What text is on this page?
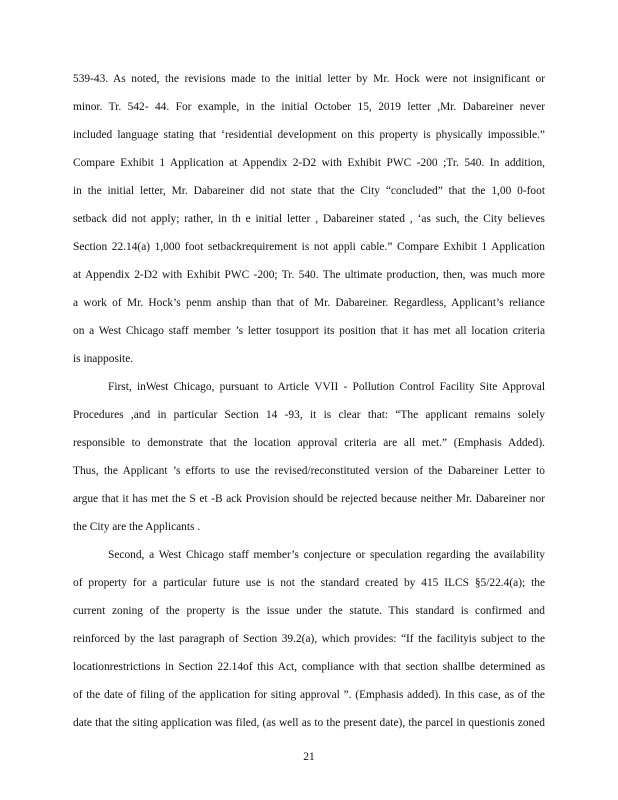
539-43. As noted, the revisions made to the initial letter by Mr. Hock were not insignificant or
minor. Tr. 542- 44. For example, in the initial October 15, 2019 letter ,Mr. Dabareiner never
included language stating that ‘residential development on this property is physically impossible.”
Compare Exhibit 1 Application at Appendix 2-D2 with Exhibit PWC -200 ;Tr. 540. In addition,
in the initial letter, Mr. Dabareiner did not state that the City “concluded” that the 1,00 0-foot
setback did not apply; rather, in th e initial letter , Dabareiner stated , ‘as such, the City believes
Section 22.14(a) 1,000 foot setbackrequirement is not appli cable.” Compare Exhibit 1 Application
at Appendix 2-D2 with Exhibit PWC -200; Tr. 540. The ultimate production, then, was much more
a work of Mr. Hock’s penm anship than that of Mr. Dabareiner. Regardless, Applicant’s reliance
on a West Chicago staff member ’s letter tosupport its position that it has met all location criteria
is inapposite.
First, inWest Chicago, pursuant to Article VVII - Pollution Control Facility Site Approval
Procedures ,and in particular Section 14 -93, it is clear that: “The applicant remains solely
responsible to demonstrate that the location approval criteria are all met.” (Emphasis Added).
Thus, the Applicant ’s efforts to use the revised/reconstituted version of the Dabareiner Letter to
argue that it has met the S et -B ack Provision should be rejected because neither Mr. Dabareiner nor
the City are the Applicants .
Second, a West Chicago staff member’s conjecture or speculation regarding the availability
of property for a particular future use is not the standard created by 415 ILCS §5/22.4(a); the
current zoning of the property is the issue under the statute. This standard is confirmed and
reinforced by the last paragraph of Section 39.2(a), which provides: “If the facilityis subject to the
locationrestrictions in Section 22.14of this Act, compliance with that section shallbe determined as
of the date of filing of the application for siting approval ”. (Emphasis added). In this case, as of the
date that the siting application was filed, (as well as to the present date), the parcel in questionis zoned
21
